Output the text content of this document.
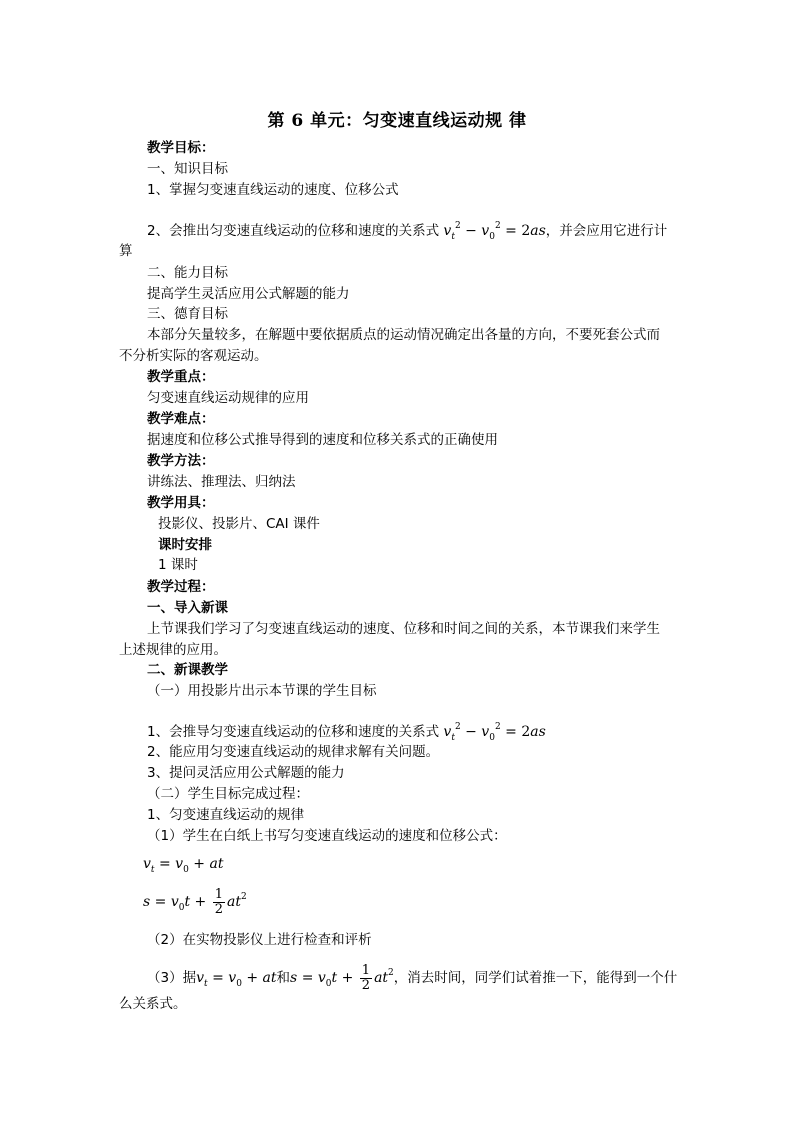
第 6 单元：匀变速直线运动规 律
教学目标：
一、知识目标
1、掌握匀变速直线运动的速度、位移公式
2、会推出匀变速直线运动的位移和速度的关系式 $v_t^2 - v_0^2 = 2as$，并会应用它进行计
算
二、能力目标
提高学生灵活应用公式解题的能力
三、德育目标
本部分矢量较多，在解题中要依据质点的运动情况确定出各量的方向，不要死套公式而
不分析实际的客观运动。
教学重点：
匀变速直线运动规律的应用
教学难点：
据速度和位移公式推导得到的速度和位移关系式的正确使用
教学方法：
讲练法、推理法、归纳法
教学用具：
投影仪、投影片、CAI 课件
课时安排
1 课时
教学过程：
一、导入新课
上节课我们学习了匀变速直线运动的速度、位移和时间之间的关系，本节课我们来学生
上述规律的应用。
二、新课教学
（一）用投影片出示本节课的学生目标
1、会推导匀变速直线运动的位移和速度的关系式 $v_t^2 - v_0^2 = 2as$
2、能应用匀变速直线运动的规律求解有关问题。
3、提问灵活应用公式解题的能力
（二）学生目标完成过程：
1、匀变速直线运动的规律
（1）学生在白纸上书写匀变速直线运动的速度和位移公式：
$v_t = v_0$ + at
$s = v_0t + \frac{1}{2} at^2$
（2）在实物投影仪上进行检查和评析
（3）据$v_t = v_0$ + at和$s = v_0t + \frac{1}{2} at^2$，消去时间，同学们试着推一下，能得到一个什
么关系式。
